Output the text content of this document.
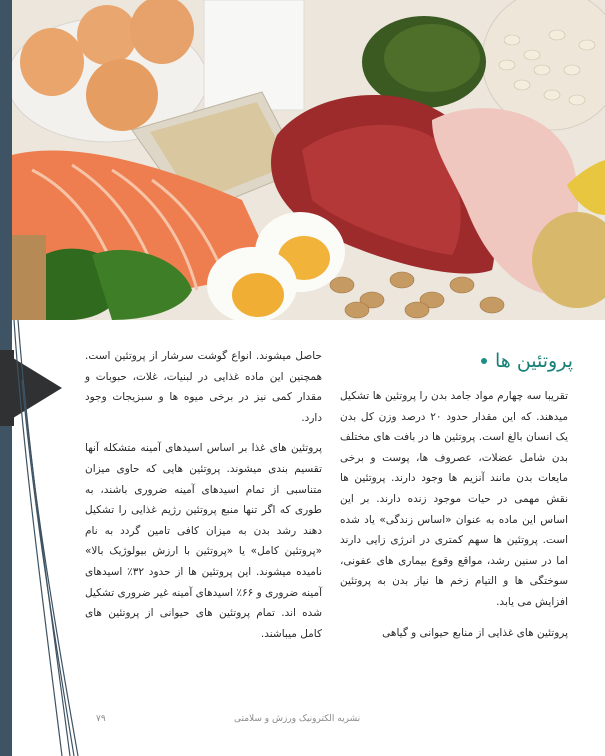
پروتئین ها

تقریبا سه چهارم مواد جامد بدن را پروتئین ها تشکیل میدهند. که این مقدار حدود ۲۰ درصد وزن کل بدن یک انسان بالغ است. پروتئین ها در بافت های مختلف بدن شامل عضلات، عصروف ها، پوست و برخی مایعات بدن مانند آنزیم ها وجود دارند. پروتئین ها نقش مهمی در حیات موجود زنده دارند. بر این اساس این ماده به عنوان «اساس زندگی» یاد شده است. پروتئین ها سهم کمتری در انرژی زایی دارند اما در سنین رشد، مواقع وقوع بیماری های عفونی، سوختگی ها و التیام زخم ها نیاز بدن به پروتئین افزایش می یابد.

پروتئین های غذایی از منابع حیوانی و گیاهی

حاصل میشوند. انواع گوشت سرشار از پروتئین است. همچنین این ماده غذایی در لبنیات، غلات، حبوبات و مقدار کمی نیز در برخی میوه ها و سبزیجات وجود دارد.

پروتئین های غذا بر اساس اسیدهای آمینه متشکله آنها تقسیم بندی میشوند. پروتئین هایی که حاوی میزان متناسبی از تمام اسیدهای آمینه ضروری باشند، به طوری که اگر تنها منبع پروتئین رژیم غذایی را تشکیل دهند رشد بدن به میزان کافی تامین گردد به نام «پروتئین کامل» یا «پروتئین با ارزش بیولوژیک بالا» نامیده میشوند. این پروتئین ها از حدود ۳۲٪ اسیدهای آمینه ضروری و ۶۶٪ اسیدهای آمینه غیر ضروری تشکیل شده اند. تمام پروتئین های حیوانی از پروتئین های کامل میباشند.

نشریه الکترونیک ورزش و سلامتی
۷۹
